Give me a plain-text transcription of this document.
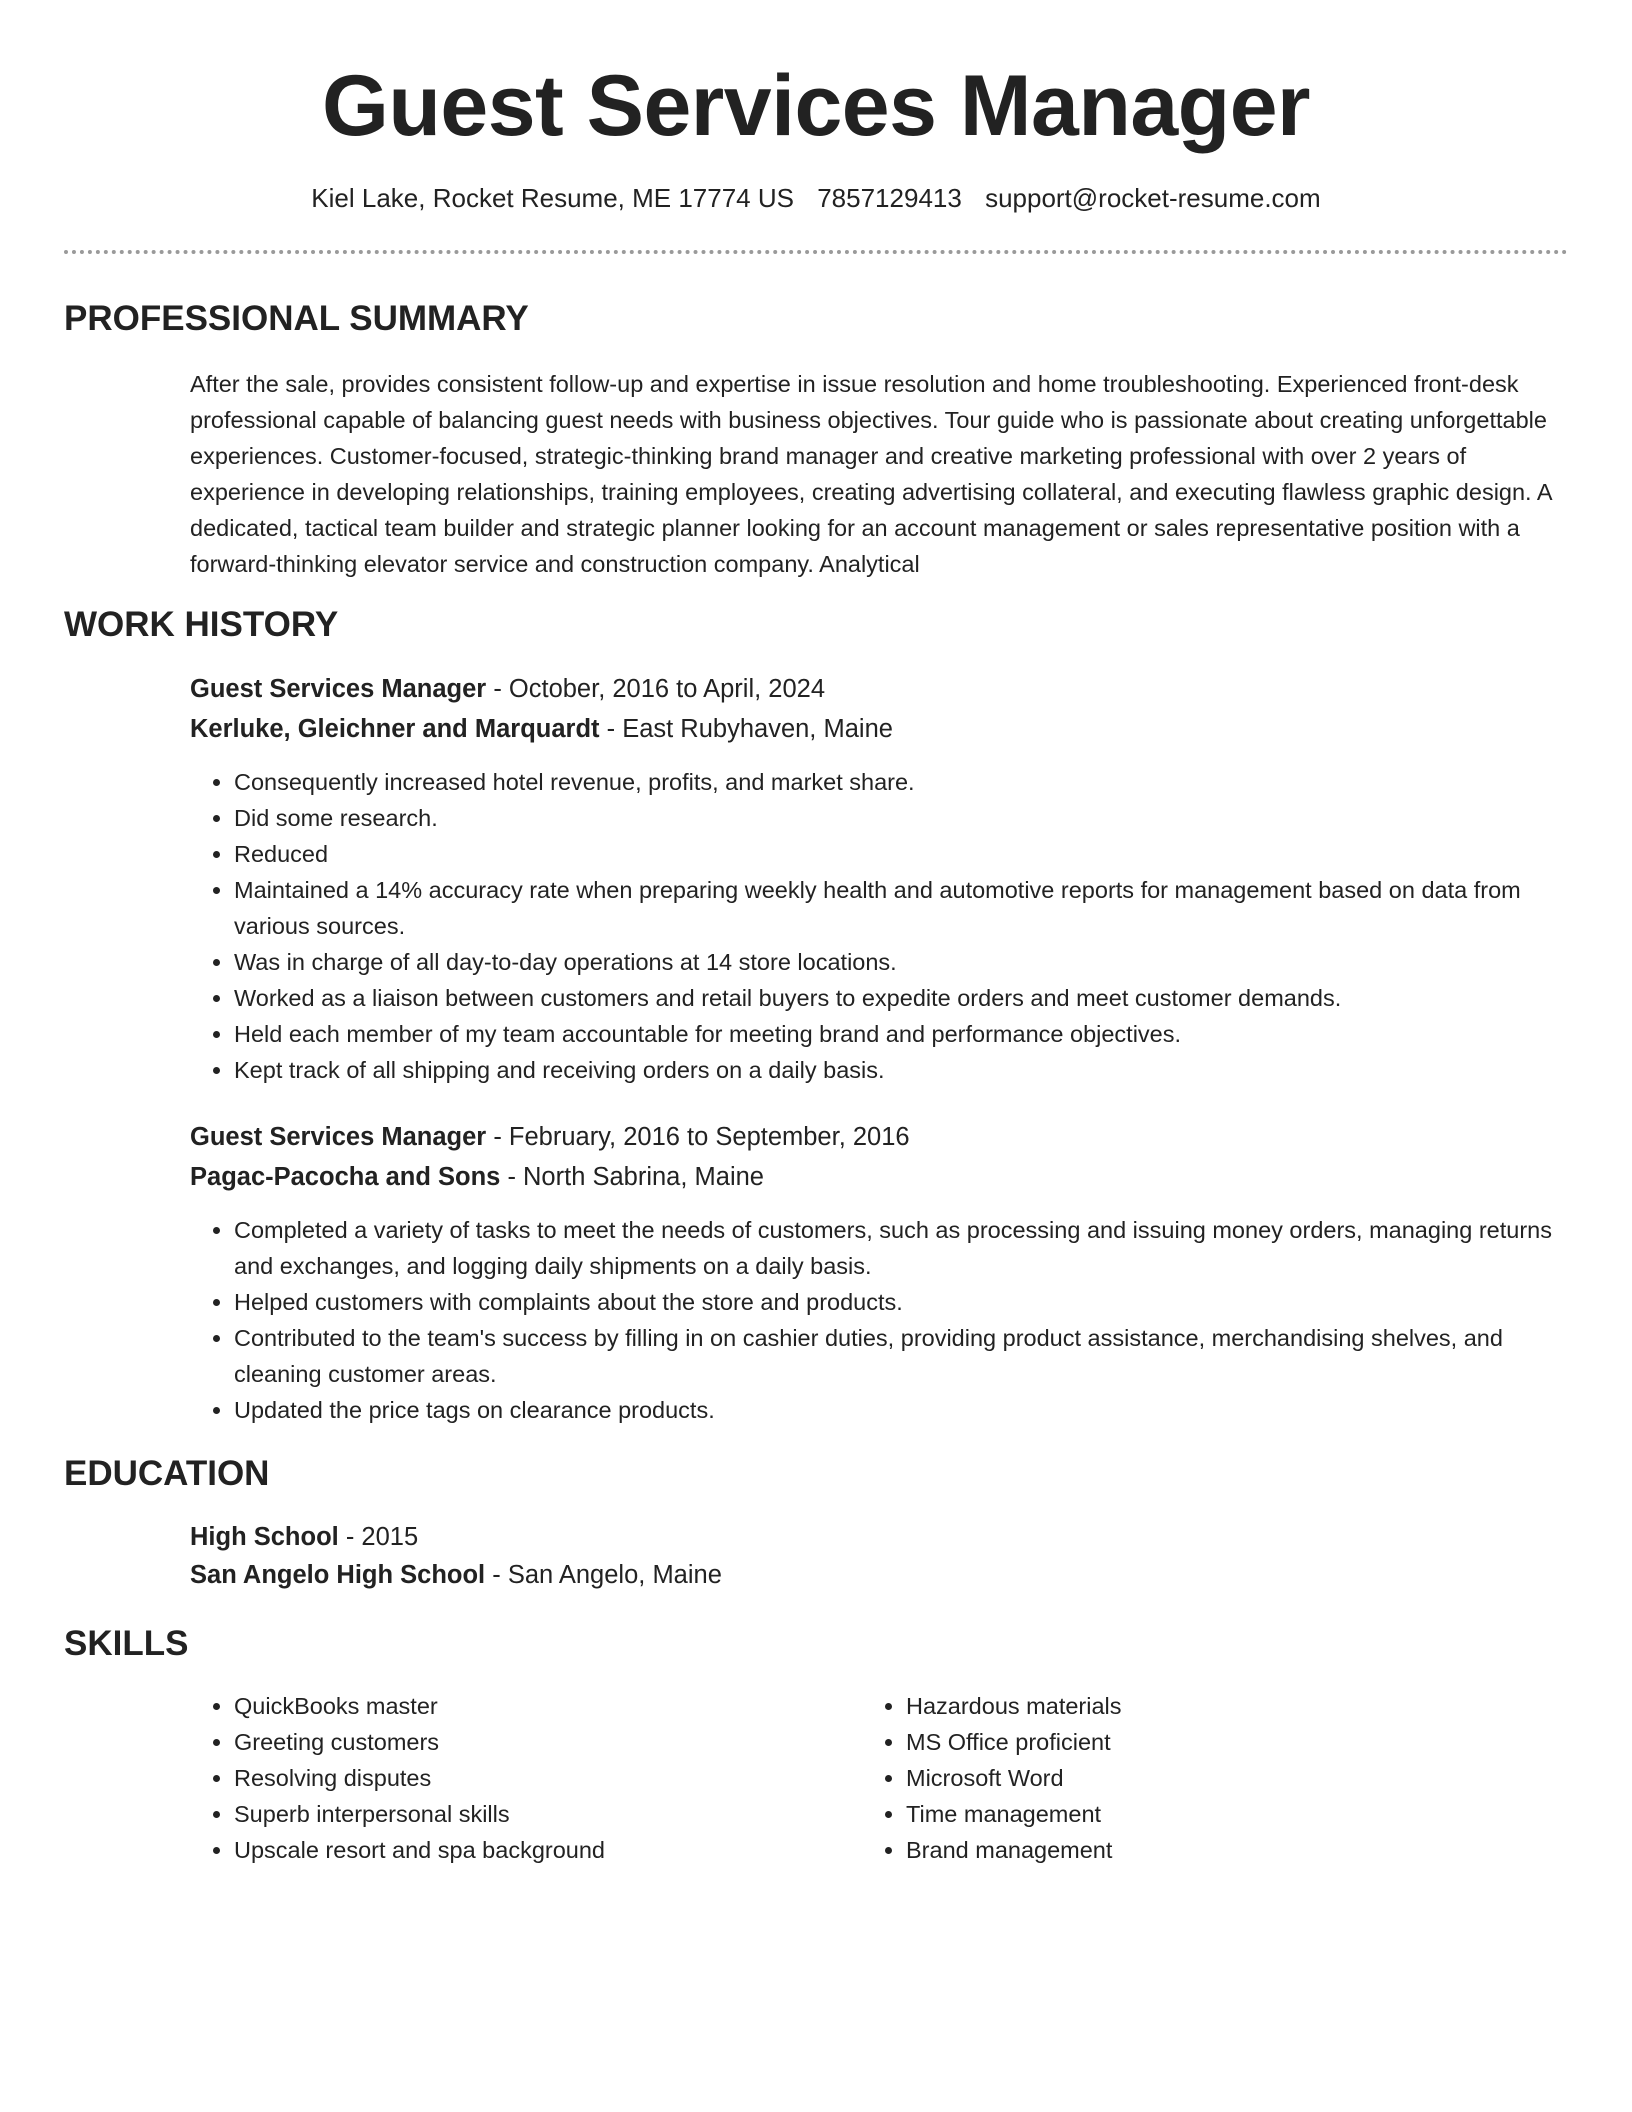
Guest Services Manager
Kiel Lake, Rocket Resume, ME 17774 US 7857129413 support@rocket-resume.com
PROFESSIONAL SUMMARY
After the sale, provides consistent follow-up and expertise in issue resolution and home troubleshooting. Experienced front-desk professional capable of balancing guest needs with business objectives. Tour guide who is passionate about creating unforgettable experiences. Customer-focused, strategic-thinking brand manager and creative marketing professional with over 2 years of experience in developing relationships, training employees, creating advertising collateral, and executing flawless graphic design. A dedicated, tactical team builder and strategic planner looking for an account management or sales representative position with a forward-thinking elevator service and construction company. Analytical
WORK HISTORY
Guest Services Manager - October, 2016 to April, 2024
Kerluke, Gleichner and Marquardt - East Rubyhaven, Maine
• Consequently increased hotel revenue, profits, and market share.
• Did some research.
• Reduced
• Maintained a 14% accuracy rate when preparing weekly health and automotive reports for management based on data from various sources.
• Was in charge of all day-to-day operations at 14 store locations.
• Worked as a liaison between customers and retail buyers to expedite orders and meet customer demands.
• Held each member of my team accountable for meeting brand and performance objectives.
• Kept track of all shipping and receiving orders on a daily basis.
Guest Services Manager - February, 2016 to September, 2016
Pagac-Pacocha and Sons - North Sabrina, Maine
• Completed a variety of tasks to meet the needs of customers, such as processing and issuing money orders, managing returns and exchanges, and logging daily shipments on a daily basis.
• Helped customers with complaints about the store and products.
• Contributed to the team's success by filling in on cashier duties, providing product assistance, merchandising shelves, and cleaning customer areas.
• Updated the price tags on clearance products.
EDUCATION
High School - 2015
San Angelo High School - San Angelo, Maine
SKILLS
• QuickBooks master
• Greeting customers
• Resolving disputes
• Superb interpersonal skills
• Upscale resort and spa background
• Hazardous materials
• MS Office proficient
• Microsoft Word
• Time management
• Brand management
